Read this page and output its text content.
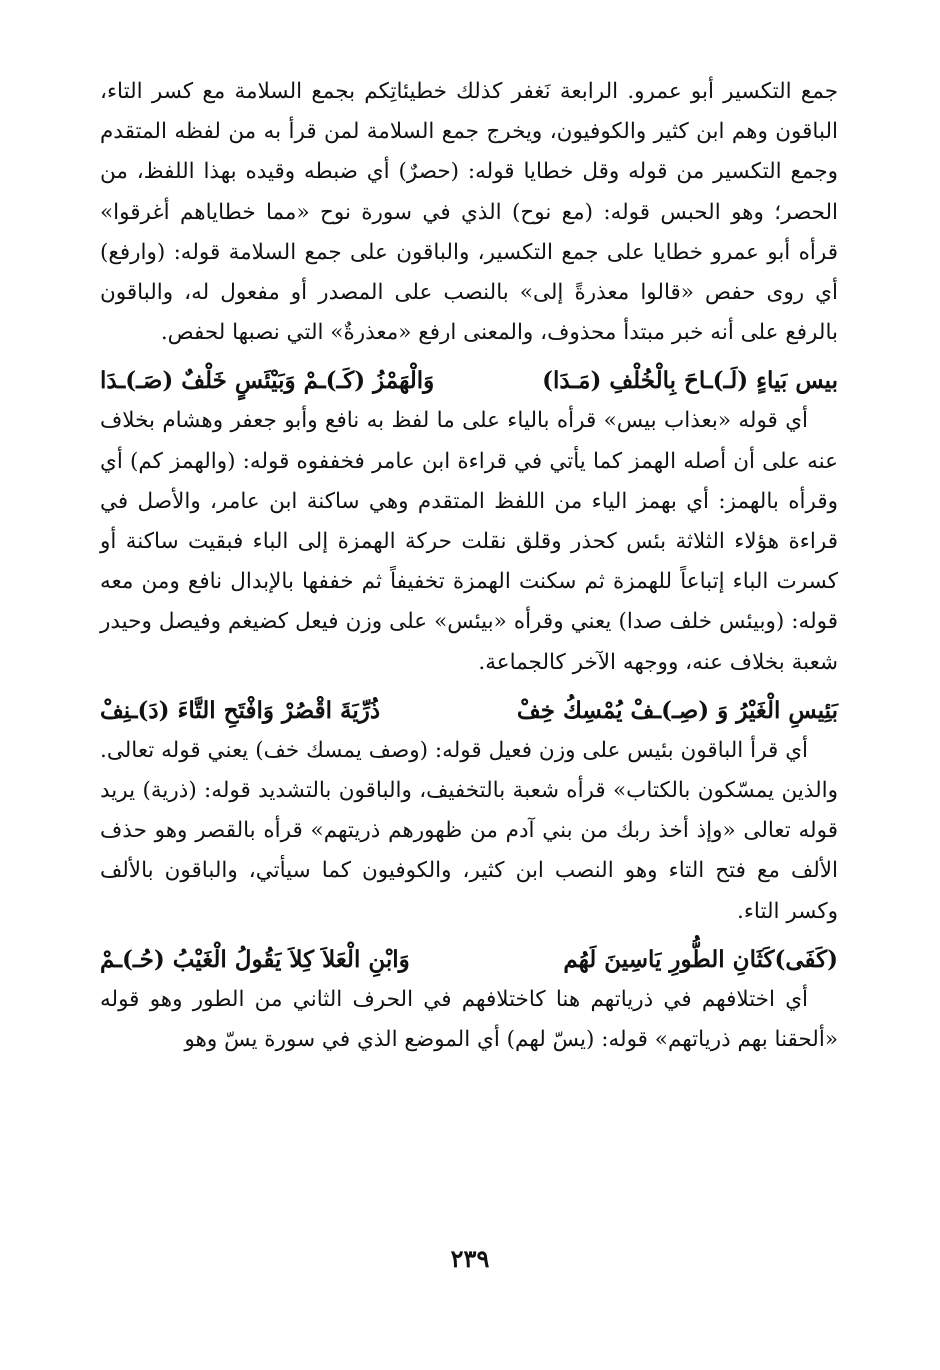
جمع التكسير أبو عمرو. الرابعة نَغفر كذلك خطيئاتِكم بجمع السلامة مع كسر التاء، الباقون وهم ابن كثير والكوفيون، ويخرج جمع السلامة لمن قرأ به من لفظه المتقدم وجمع التكسير من قوله وقل خطايا قوله: (حصرٌ) أي ضبطه وقيده بهذا اللفظ، من الحصر؛ وهو الحبس قوله: (مع نوح) الذي في سورة نوح «مما خطاياهم أغرقوا» قرأه أبو عمرو خطايا على جمع التكسير، والباقون على جمع السلامة قوله: (وارفع) أي روى حفص «قالوا معذرةً إلى» بالنصب على المصدر أو مفعول له، والباقون بالرفع على أنه خبر مبتدأ محذوف، والمعنى ارفع «معذرةٌ» التي نصبها لحفص.

بيس بَياءٍ (لَـ)ـاحَ بِالْخُلْفِ (مَـدَا)
وَالْهَمْزُ (كَـ)ـمْ وَبَيْئَسٍ خَلْفٌ (صَـ)ـدَا

أي قوله «بعذاب بيس» قرأه بالياء على ما لفظ به نافع وأبو جعفر وهشام بخلاف عنه على أن أصله الهمز كما يأتي في قراءة ابن عامر فخففوه قوله: (والهمز كم) أي وقرأه بالهمز: أي بهمز الياء من اللفظ المتقدم وهي ساكنة ابن عامر، والأصل في قراءة هؤلاء الثلاثة بئس كحذر وقلق نقلت حركة الهمزة إلى الباء فبقيت ساكنة أو كسرت الباء إتباعاً للهمزة ثم سكنت الهمزة تخفيفاً ثم خففها بالإبدال نافع ومن معه قوله: (وبيئس خلف صدا) يعني وقرأه «بيئس» على وزن فيعل كضيغم وفيصل وحيدر شعبة بخلاف عنه، ووجهه الآخر كالجماعة.

بَئِيسِ الْغَيْرُ وَ (صِـ)ـفْ يُمْسِكُ خِفْ
ذُرِّيَةَ اقْصُرْ وَافْتَحِ التَّاءَ (دَ)ـنِفْ

أي قرأ الباقون بئيس على وزن فعيل قوله: (وصف يمسك خف) يعني قوله تعالى. والذين يمسّكون بالكتاب» قرأه شعبة بالتخفيف، والباقون بالتشديد قوله: (ذرية) يريد قوله تعالى «وإذ أخذ ربك من بني آدم من ظهورهم ذريتهم» قرأه بالقصر وهو حذف الألف مع فتح التاء وهو النصب ابن كثير، والكوفيون كما سيأتي، والباقون بالألف وكسر التاء.

(كَفَى)كَثَانِ الطُّورِ يَاسِينَ لَهُم
وَابْنِ الْعَلاَ كِلاَ يَقُولُ الْغَيْبُ (حُـ)ـمْ

أي اختلافهم في ذرياتهم هنا كاختلافهم في الحرف الثاني من الطور وهو قوله «ألحقنا بهم ذرياتهم» قوله: (يسّ لهم) أي الموضع الذي في سورة يسّ وهو

٢٣٩
